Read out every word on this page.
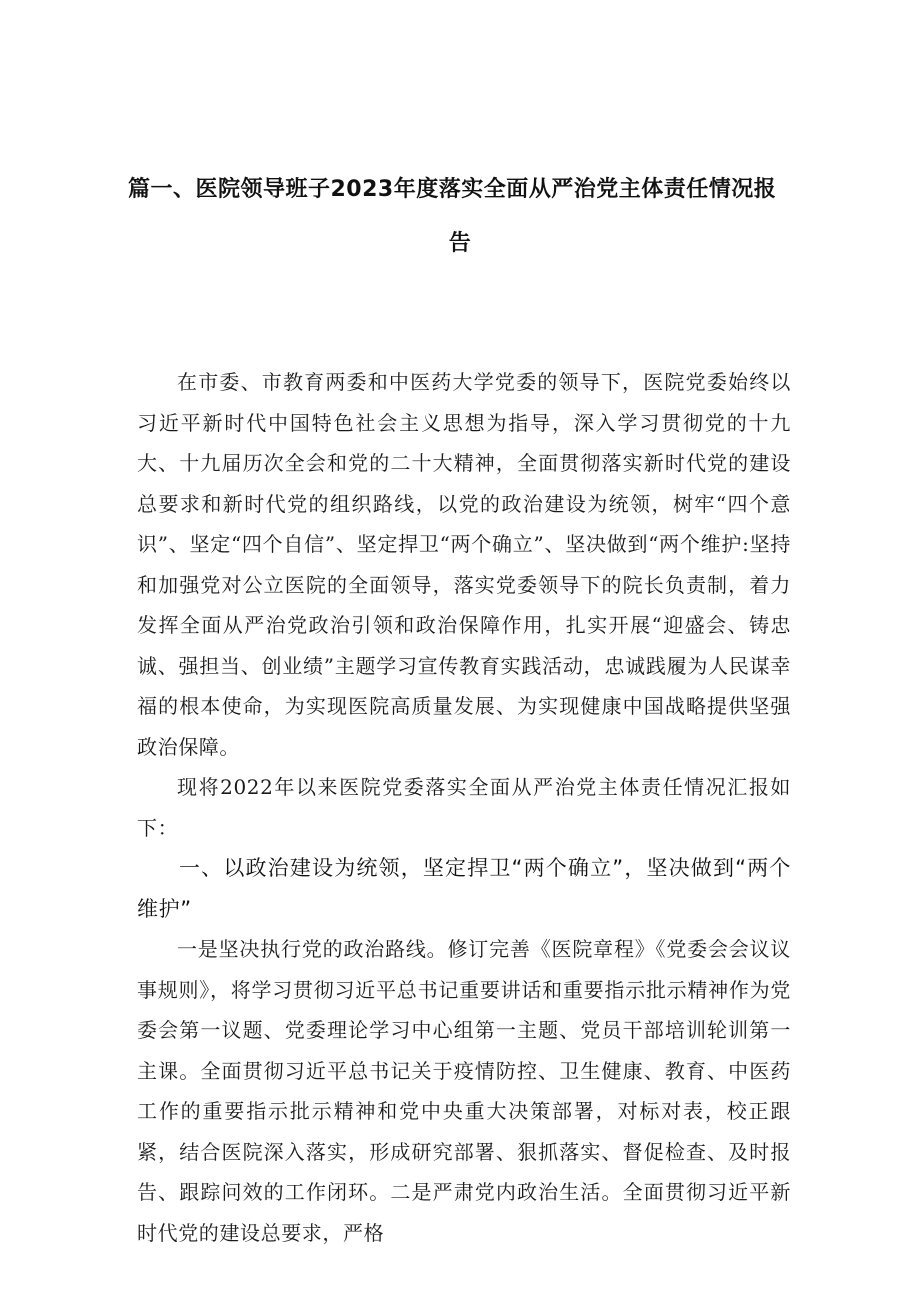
篇一、医院领导班子2023年度落实全面从严治党主体责任情况报
告

在市委、市教育两委和中医药大学党委的领导下，医院党委始终以习近平新时代中国特色社会主义思想为指导，深入学习贯彻党的十九大、十九届历次全会和党的二十大精神，全面贯彻落实新时代党的建设总要求和新时代党的组织路线，以党的政治建设为统领，树牢“四个意识”、坚定“四个自信”、坚定捍卫“两个确立”、坚决做到“两个维护:坚持和加强党对公立医院的全面领导，落实党委领导下的院长负责制，着力发挥全面从严治党政治引领和政治保障作用，扎实开展“迎盛会、铸忠诚、强担当、创业绩”主题学习宣传教育实践活动，忠诚践履为人民谋幸福的根本使命，为实现医院高质量发展、为实现健康中国战略提供坚强政治保障。

现将2022年以来医院党委落实全面从严治党主体责任情况汇报如下：

一、以政治建设为统领，坚定捍卫“两个确立”，坚决做到“两个维护”

一是坚决执行党的政治路线。修订完善《医院章程》《党委会会议议事规则》，将学习贯彻习近平总书记重要讲话和重要指示批示精神作为党委会第一议题、党委理论学习中心组第一主题、党员干部培训轮训第一主课。全面贯彻习近平总书记关于疫情防控、卫生健康、教育、中医药工作的重要指示批示精神和党中央重大决策部署，对标对表，校正跟紧，结合医院深入落实，形成研究部署、狠抓落实、督促检查、及时报告、跟踪问效的工作闭环。二是严肃党内政治生活。全面贯彻习近平新时代党的建设总要求，严格
